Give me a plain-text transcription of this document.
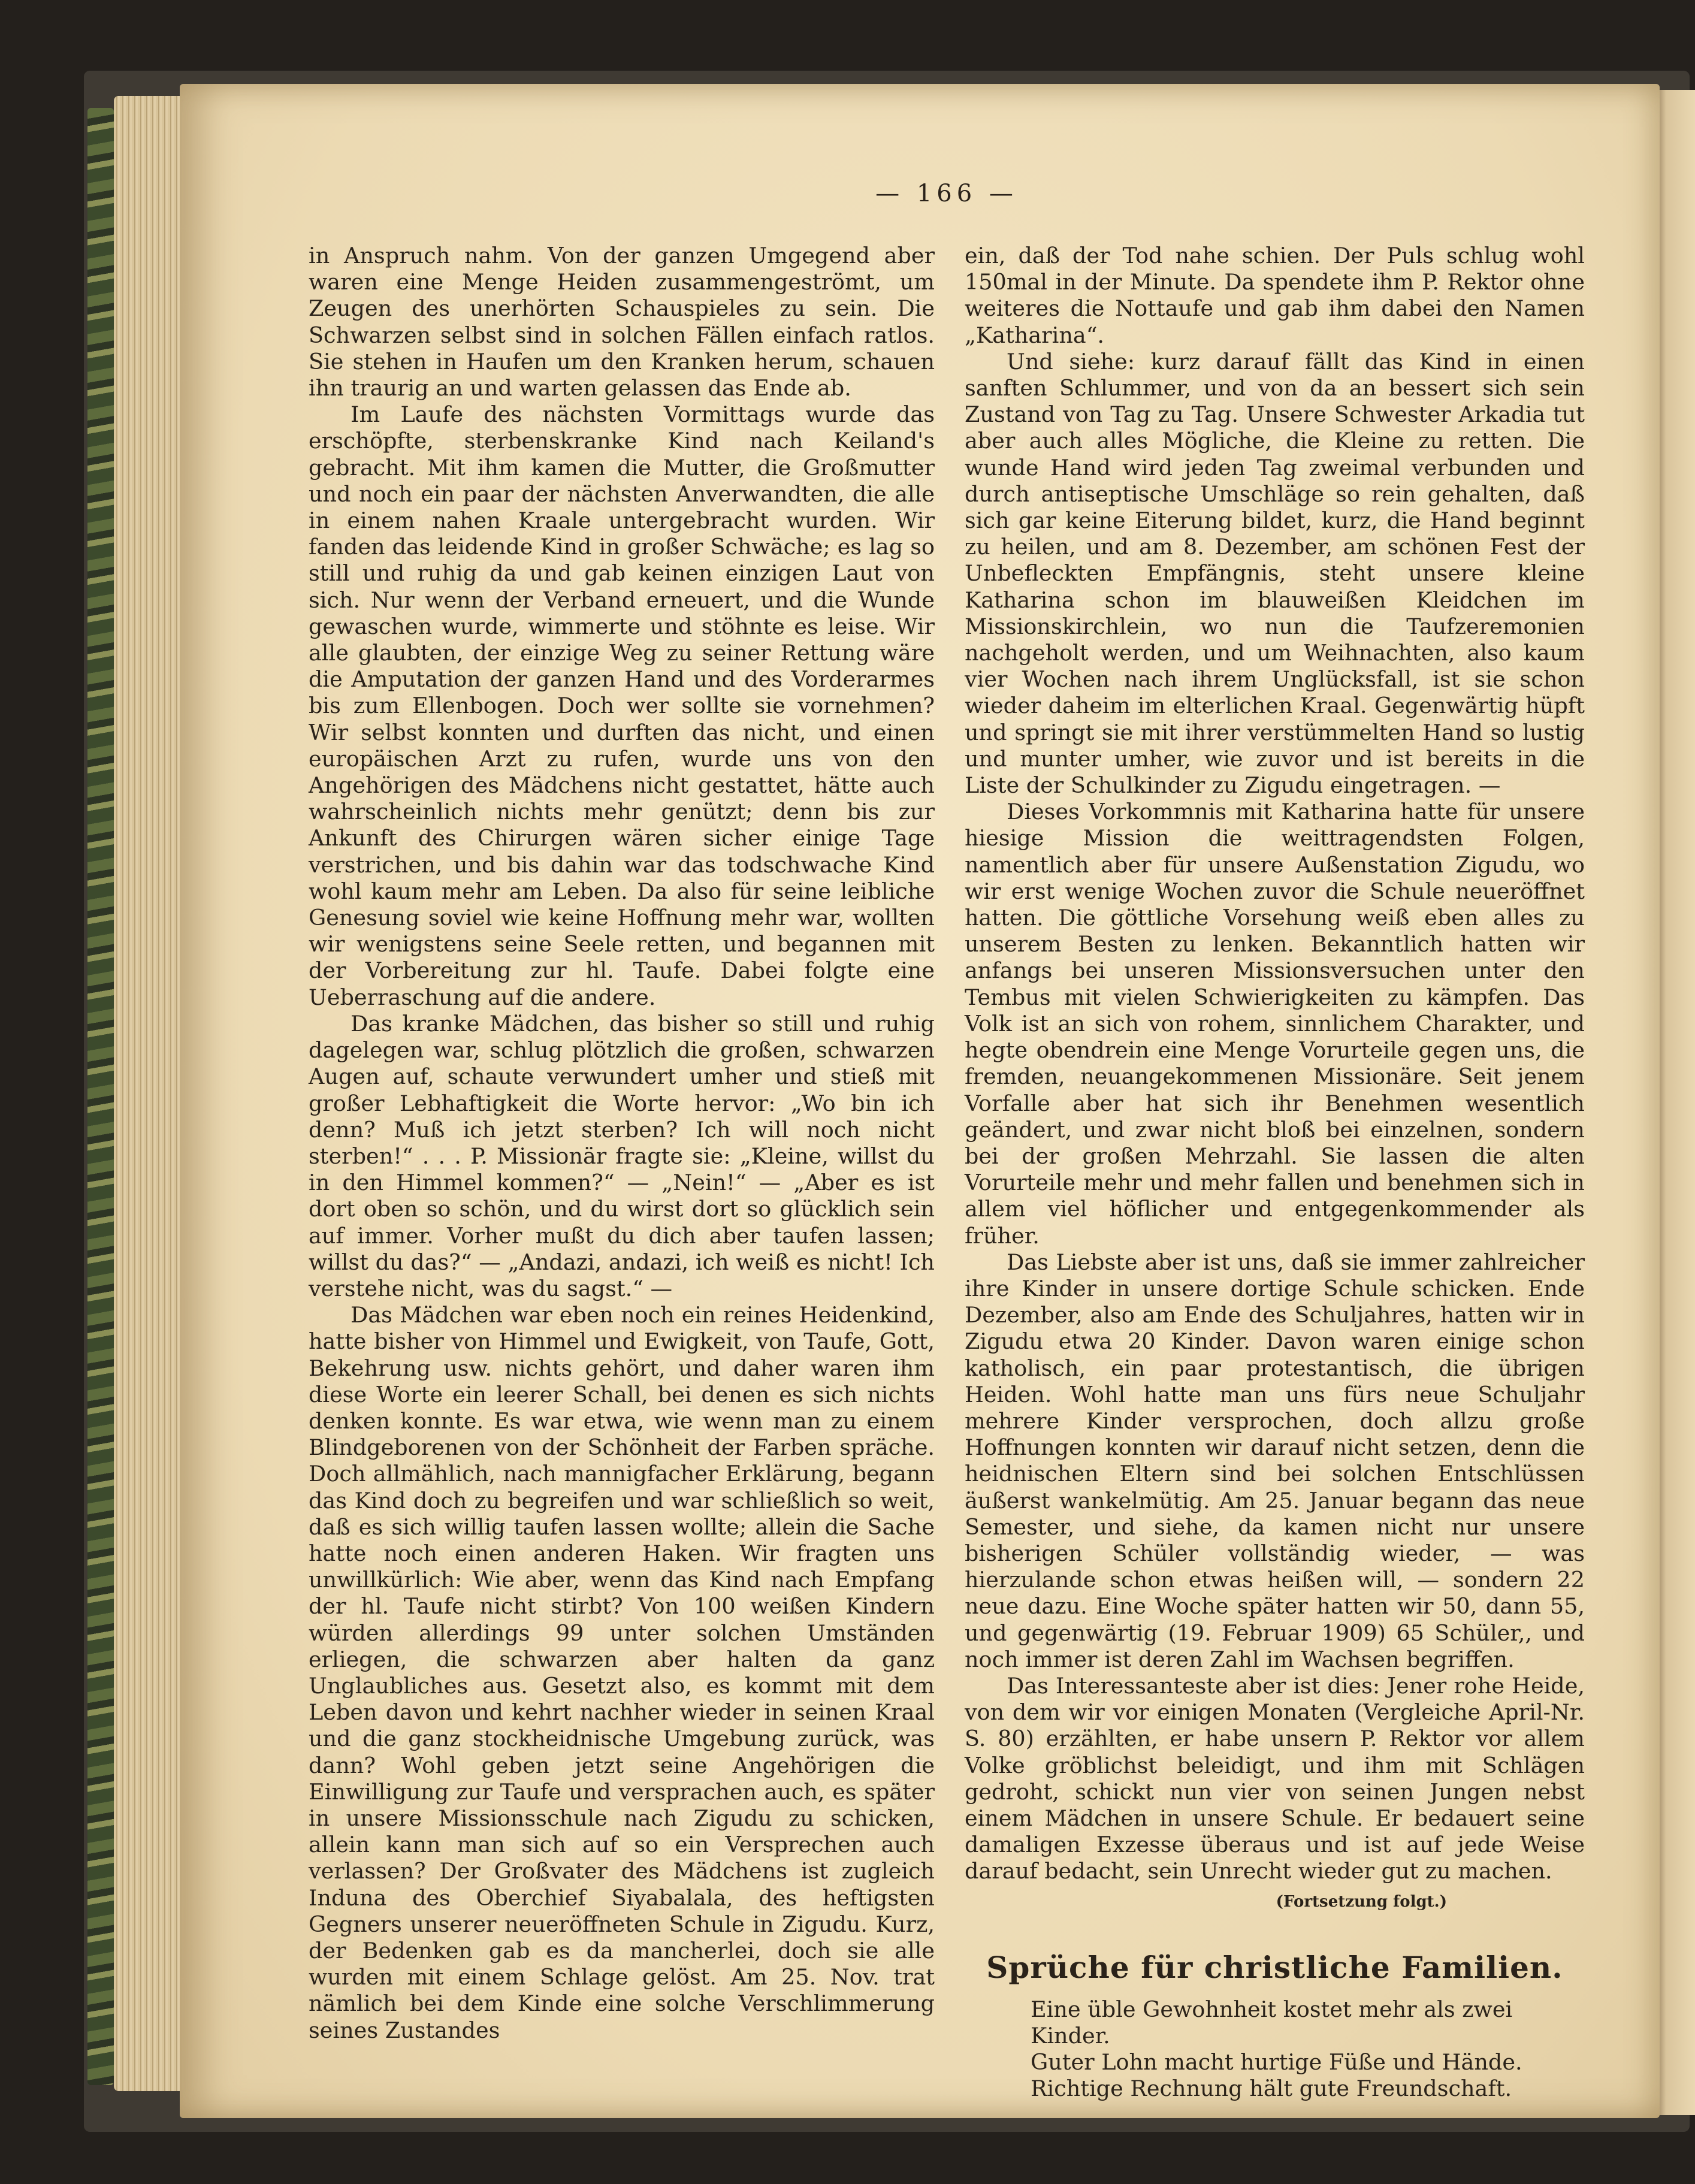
— 166 —

in Anspruch nahm. Von der ganzen Umgegend aber waren eine Menge Heiden zusammengeströmt, um Zeugen des unerhörten Schauspieles zu sein. Die Schwarzen selbst sind in solchen Fällen einfach ratlos. Sie stehen in Haufen um den Kranken herum, schauen ihn traurig an und warten gelassen das Ende ab.

Im Laufe des nächsten Vormittags wurde das erschöpfte, sterbenskranke Kind nach Keiland's gebracht. Mit ihm kamen die Mutter, die Großmutter und noch ein paar der nächsten Anverwandten, die alle in einem nahen Kraale untergebracht wurden. Wir fanden das leidende Kind in großer Schwäche; es lag so still und ruhig da und gab keinen einzigen Laut von sich. Nur wenn der Verband erneuert, und die Wunde gewaschen wurde, wimmerte und stöhnte es leise. Wir alle glaubten, der einzige Weg zu seiner Rettung wäre die Amputation der ganzen Hand und des Vorderarmes bis zum Ellenbogen. Doch wer sollte sie vornehmen? Wir selbst konnten und durften das nicht, und einen europäischen Arzt zu rufen, wurde uns von den Angehörigen des Mädchens nicht gestattet, hätte auch wahrscheinlich nichts mehr genützt; denn bis zur Ankunft des Chirurgen wären sicher einige Tage verstrichen, und bis dahin war das todschwache Kind wohl kaum mehr am Leben. Da also für seine leibliche Genesung soviel wie keine Hoffnung mehr war, wollten wir wenigstens seine Seele retten, und begannen mit der Vorbereitung zur hl. Taufe. Dabei folgte eine Ueberraschung auf die andere.

Das kranke Mädchen, das bisher so still und ruhig dagelegen war, schlug plötzlich die großen, schwarzen Augen auf, schaute verwundert umher und stieß mit großer Lebhaftigkeit die Worte hervor: „Wo bin ich denn? Muß ich jetzt sterben? Ich will noch nicht sterben!“ . . . P. Missionär fragte sie: „Kleine, willst du in den Himmel kommen?“ — „Nein!“ — „Aber es ist dort oben so schön, und du wirst dort so glücklich sein auf immer. Vorher mußt du dich aber taufen lassen; willst du das?“ — „Andazi, andazi, ich weiß es nicht! Ich verstehe nicht, was du sagst.“ —

Das Mädchen war eben noch ein reines Heidenkind, hatte bisher von Himmel und Ewigkeit, von Taufe, Gott, Bekehrung usw. nichts gehört, und daher waren ihm diese Worte ein leerer Schall, bei denen es sich nichts denken konnte. Es war etwa, wie wenn man zu einem Blindgeborenen von der Schönheit der Farben spräche. Doch allmählich, nach mannigfacher Erklärung, begann das Kind doch zu begreifen und war schließlich so weit, daß es sich willig taufen lassen wollte; allein die Sache hatte noch einen anderen Haken. Wir fragten uns unwillkürlich: Wie aber, wenn das Kind nach Empfang der hl. Taufe nicht stirbt? Von 100 weißen Kindern würden allerdings 99 unter solchen Umständen erliegen, die schwarzen aber halten da ganz Unglaubliches aus. Gesetzt also, es kommt mit dem Leben davon und kehrt nachher wieder in seinen Kraal und die ganz stockheidnische Umgebung zurück, was dann? Wohl geben jetzt seine Angehörigen die Einwilligung zur Taufe und versprachen auch, es später in unsere Missionsschule nach Zigudu zu schicken, allein kann man sich auf so ein Versprechen auch verlassen? Der Großvater des Mädchens ist zugleich Induna des Oberchief Siyabalala, des heftigsten Gegners unserer neueröffneten Schule in Zigudu. Kurz, der Bedenken gab es da mancherlei, doch sie alle wurden mit einem Schlage gelöst. Am 25. Nov. trat nämlich bei dem Kinde eine solche Verschlimmerung seines Zustandes

ein, daß der Tod nahe schien. Der Puls schlug wohl 150mal in der Minute. Da spendete ihm P. Rektor ohne weiteres die Nottaufe und gab ihm dabei den Namen „Katharina“.

Und siehe: kurz darauf fällt das Kind in einen sanften Schlummer, und von da an bessert sich sein Zustand von Tag zu Tag. Unsere Schwester Arkadia tut aber auch alles Mögliche, die Kleine zu retten. Die wunde Hand wird jeden Tag zweimal verbunden und durch antiseptische Umschläge so rein gehalten, daß sich gar keine Eiterung bildet, kurz, die Hand beginnt zu heilen, und am 8. Dezember, am schönen Fest der Unbefleckten Empfängnis, steht unsere kleine Katharina schon im blauweißen Kleidchen im Missionskirchlein, wo nun die Taufzeremonien nachgeholt werden, und um Weihnachten, also kaum vier Wochen nach ihrem Unglücksfall, ist sie schon wieder daheim im elterlichen Kraal. Gegenwärtig hüpft und springt sie mit ihrer verstümmelten Hand so lustig und munter umher, wie zuvor und ist bereits in die Liste der Schulkinder zu Zigudu eingetragen. —

Dieses Vorkommnis mit Katharina hatte für unsere hiesige Mission die weittragendsten Folgen, namentlich aber für unsere Außenstation Zigudu, wo wir erst wenige Wochen zuvor die Schule neueröffnet hatten. Die göttliche Vorsehung weiß eben alles zu unserem Besten zu lenken. Bekanntlich hatten wir anfangs bei unseren Missionsversuchen unter den Tembus mit vielen Schwierigkeiten zu kämpfen. Das Volk ist an sich von rohem, sinnlichem Charakter, und hegte obendrein eine Menge Vorurteile gegen uns, die fremden, neuangekommenen Missionäre. Seit jenem Vorfalle aber hat sich ihr Benehmen wesentlich geändert, und zwar nicht bloß bei einzelnen, sondern bei der großen Mehrzahl. Sie lassen die alten Vorurteile mehr und mehr fallen und benehmen sich in allem viel höflicher und entgegenkommender als früher.

Das Liebste aber ist uns, daß sie immer zahlreicher ihre Kinder in unsere dortige Schule schicken. Ende Dezember, also am Ende des Schuljahres, hatten wir in Zigudu etwa 20 Kinder. Davon waren einige schon katholisch, ein paar protestantisch, die übrigen Heiden. Wohl hatte man uns fürs neue Schuljahr mehrere Kinder versprochen, doch allzu große Hoffnungen konnten wir darauf nicht setzen, denn die heidnischen Eltern sind bei solchen Entschlüssen äußerst wankelmütig. Am 25. Januar begann das neue Semester, und siehe, da kamen nicht nur unsere bisherigen Schüler vollständig wieder, — was hierzulande schon etwas heißen will, — sondern 22 neue dazu. Eine Woche später hatten wir 50, dann 55, und gegenwärtig (19. Februar 1909) 65 Schüler,, und noch immer ist deren Zahl im Wachsen begriffen.

Das Interessanteste aber ist dies: Jener rohe Heide, von dem wir vor einigen Monaten (Vergleiche April-Nr. S. 80) erzählten, er habe unsern P. Rektor vor allem Volke gröblichst beleidigt, und ihm mit Schlägen gedroht, schickt nun vier von seinen Jungen nebst einem Mädchen in unsere Schule. Er bedauert seine damaligen Exzesse überaus und ist auf jede Weise darauf bedacht, sein Unrecht wieder gut zu machen.

(Fortsetzung folgt.)
Sprüche für christliche Familien.

Eine üble Gewohnheit kostet mehr als zwei Kinder.

Guter Lohn macht hurtige Füße und Hände.

Richtige Rechnung hält gute Freundschaft.
